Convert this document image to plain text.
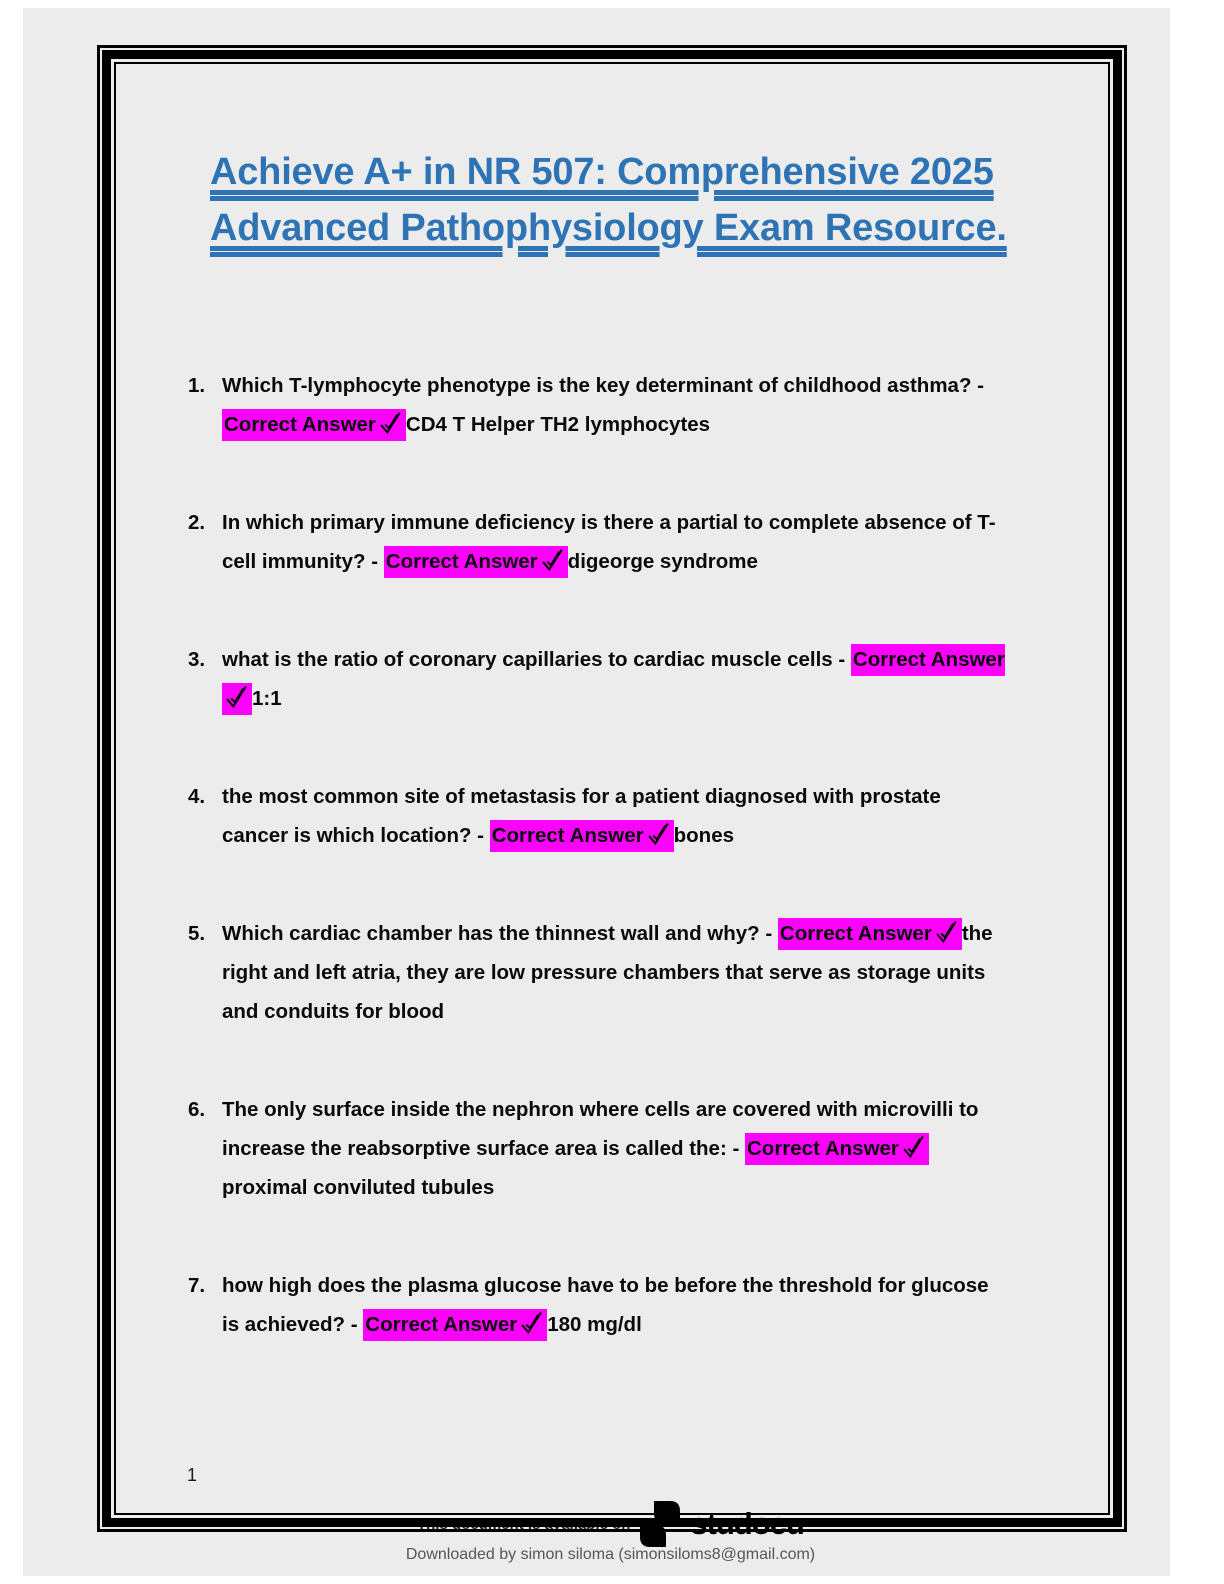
Achieve A+ in NR 507: Comprehensive 2025 Advanced Pathophysiology Exam Resource.
1. Which T-lymphocyte phenotype is the key determinant of childhood asthma? - Correct Answer CD4 T Helper TH2 lymphocytes
2. In which primary immune deficiency is there a partial to complete absence of T-cell immunity? - Correct Answer digeorge syndrome
3. what is the ratio of coronary capillaries to cardiac muscle cells - Correct Answer1:1
4. the most common site of metastasis for a patient diagnosed with prostate cancer is which location? - Correct Answer bones
5. Which cardiac chamber has the thinnest wall and why? - Correct Answer the right and left atria, they are low pressure chambers that serve as storage units and conduits for blood
6. The only surface inside the nephron where cells are covered with microvilli to increase the reabsorptive surface area is called the: - Correct Answerproximal conviluted tubules
7. how high does the plasma glucose have to be before the threshold for glucose is achieved? - Correct Answer 180 mg/dl
1
This document is available on studocu
Downloaded by simon siloma (simonsiloms8@gmail.com)
